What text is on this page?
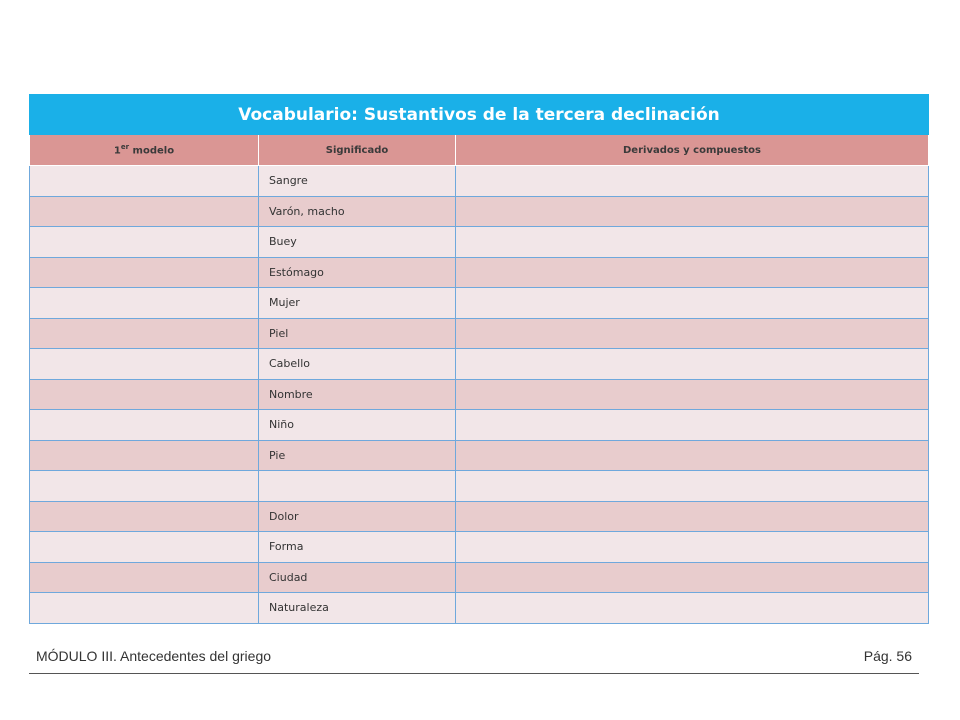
Vocabulario: Sustantivos de la tercera declinación		
1er modelo	Significado	Derivados y compuestos
	Sangre	
	Varón, macho	
	Buey	
	Estómago	
	Mujer	
	Piel	
	Cabello	
	Nombre	
	Niño	
	Pie	

	Dolor	
	Forma	
	Ciudad	
	Naturaleza	
MÓDULO III. Antecedentes del griego	Pág. 56
